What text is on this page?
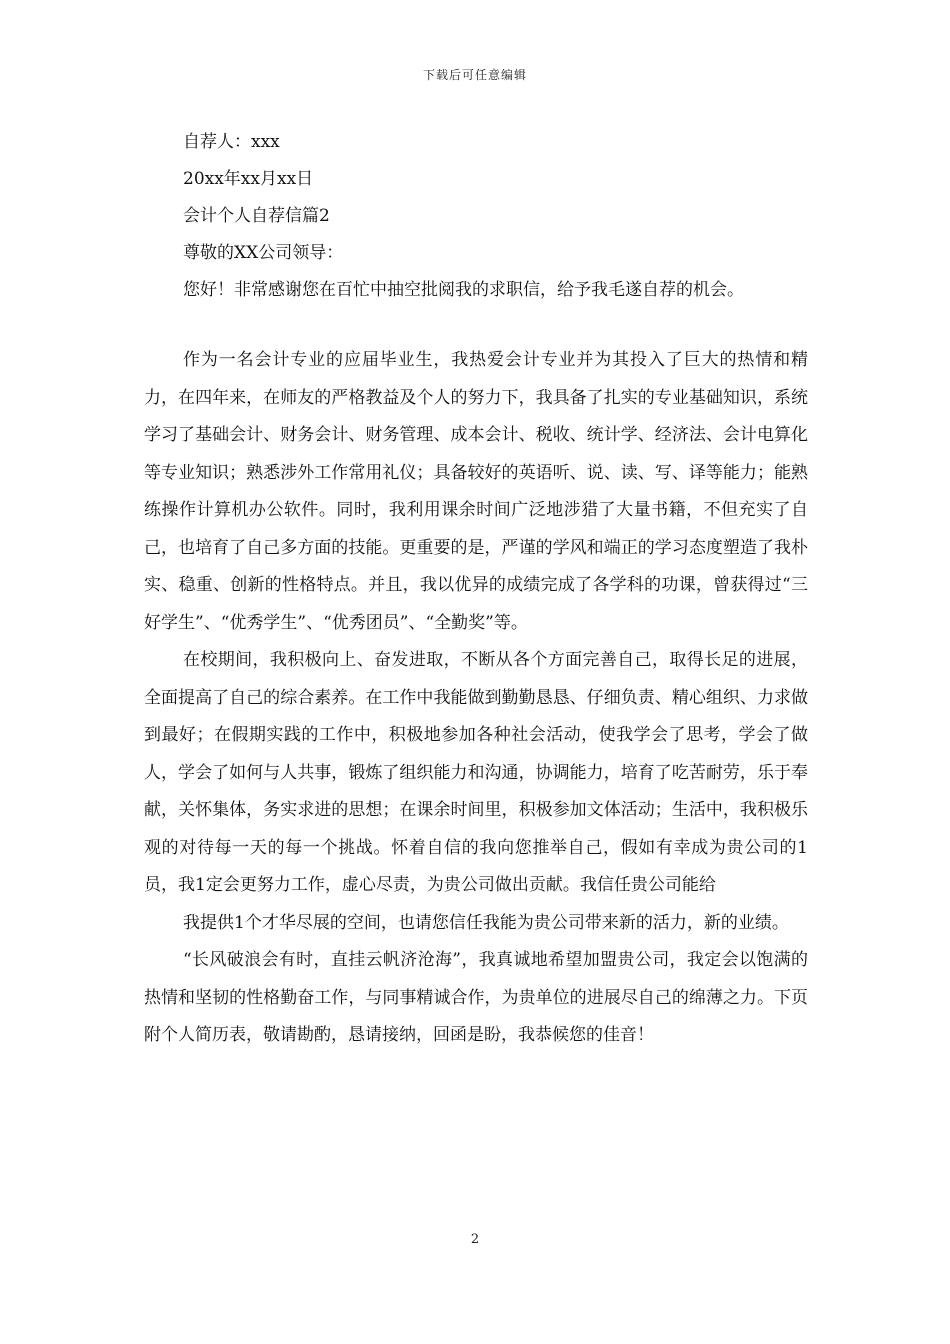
下载后可任意编辑
自荐人：xxx
20xx年xx月xx日
会计个人自荐信篇2
尊敬的XX公司领导：
您好！非常感谢您在百忙中抽空批阅我的求职信，给予我毛遂自荐的机会。

作为一名会计专业的应届毕业生，我热爱会计专业并为其投入了巨大的热情和精力，在四年来，在师友的严格教益及个人的努力下，我具备了扎实的专业基础知识，系统学习了基础会计、财务会计、财务管理、成本会计、税收、统计学、经济法、会计电算化等专业知识；熟悉涉外工作常用礼仪；具备较好的英语听、说、读、写、译等能力；能熟练操作计算机办公软件。同时，我利用课余时间广泛地涉猎了大量书籍，不但充实了自己，也培育了自己多方面的技能。更重要的是，严谨的学风和端正的学习态度塑造了我朴实、稳重、创新的性格特点。并且，我以优异的成绩完成了各学科的功课，曾获得过“三好学生”、“优秀学生”、“优秀团员”、“全勤奖”等。

在校期间，我积极向上、奋发进取，不断从各个方面完善自己，取得长足的进展，全面提高了自己的综合素养。在工作中我能做到勤勤恳恳、仔细负责、精心组织、力求做到最好；在假期实践的工作中，积极地参加各种社会活动，使我学会了思考，学会了做人，学会了如何与人共事，锻炼了组织能力和沟通，协调能力，培育了吃苦耐劳，乐于奉献，关怀集体，务实求进的思想；在课余时间里，积极参加文体活动；生活中，我积极乐观的对待每一天的每一个挑战。怀着自信的我向您推举自己，假如有幸成为贵公司的1员，我1定会更努力工作，虚心尽责，为贵公司做出贡献。我信任贵公司能给

我提供1个才华尽展的空间，也请您信任我能为贵公司带来新的活力，新的业绩。

“长风破浪会有时，直挂云帆济沧海”，我真诚地希望加盟贵公司，我定会以饱满的热情和坚韧的性格勤奋工作，与同事精诚合作，为贵单位的进展尽自己的绵薄之力。下页附个人简历表，敬请勘酌，恳请接纳，回函是盼，我恭候您的佳音！

2
